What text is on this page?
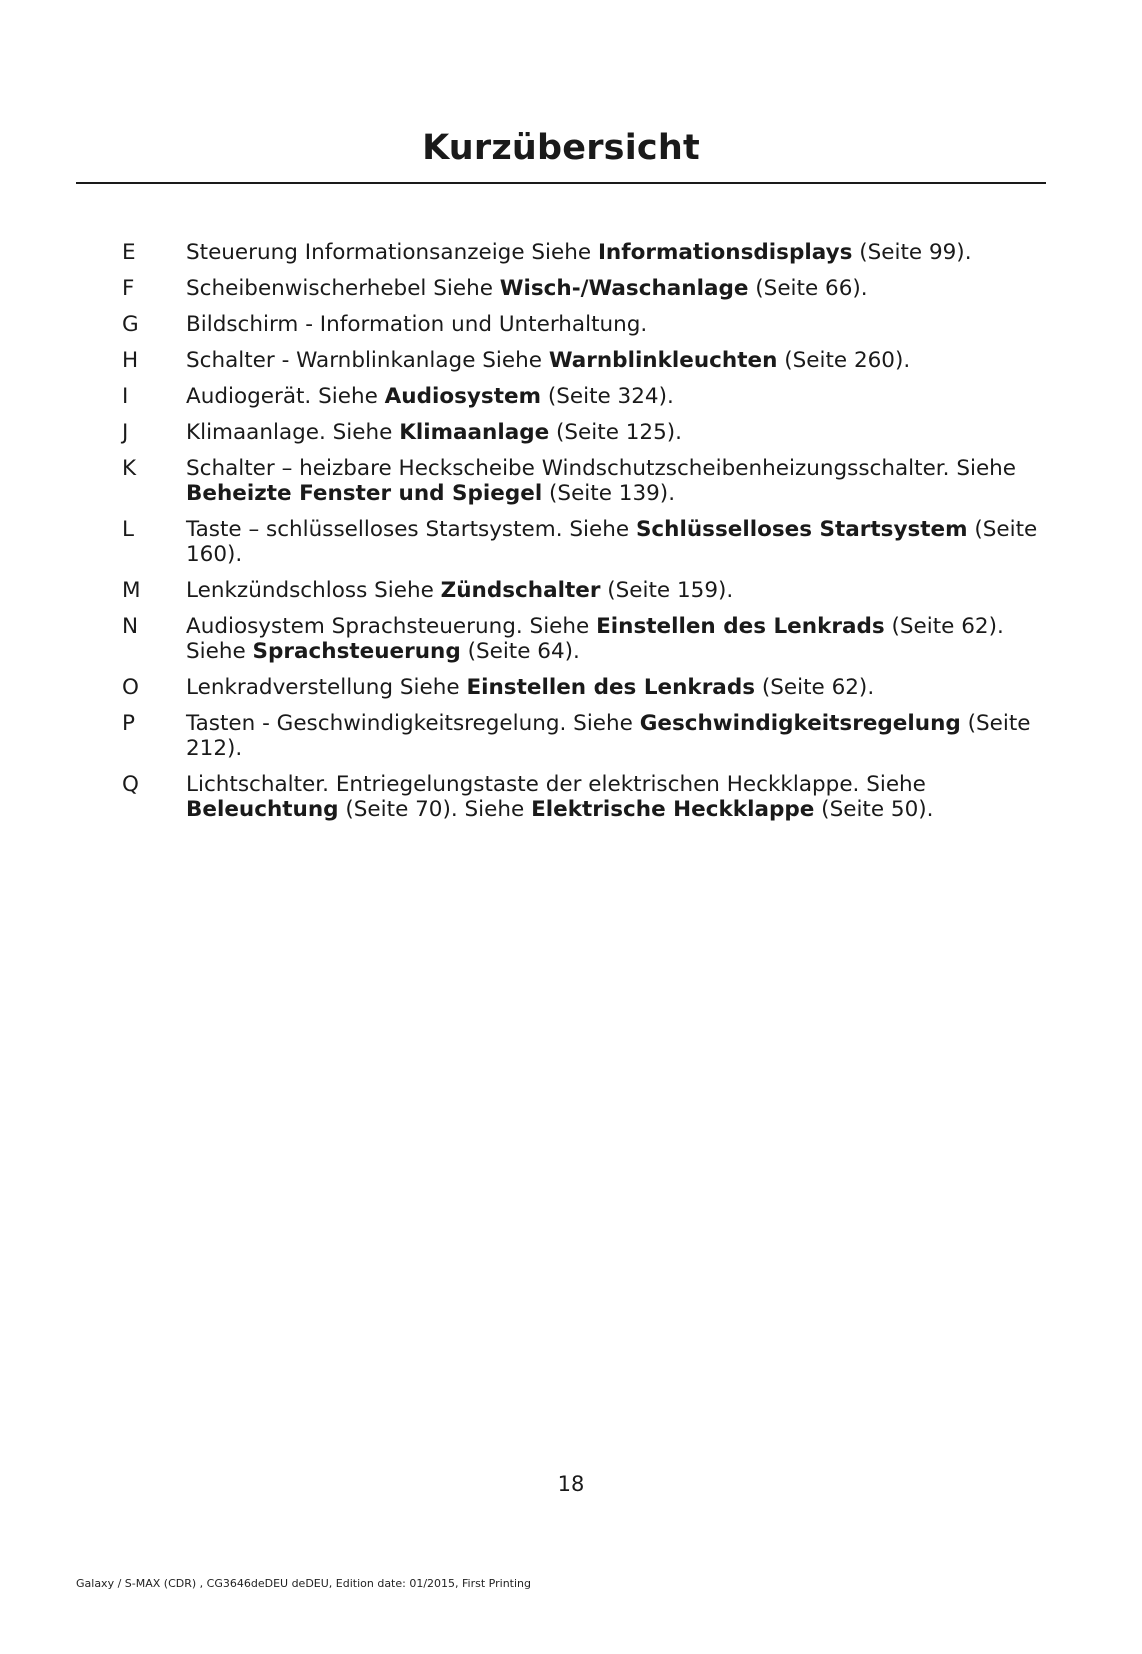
Kurzübersicht
E	Steuerung Informationsanzeige Siehe Informationsdisplays (Seite 99).
F	Scheibenwischerhebel Siehe Wisch-/Waschanlage (Seite 66).
G	Bildschirm - Information und Unterhaltung.
H	Schalter - Warnblinkanlage Siehe Warnblinkleuchten (Seite 260).
I	Audiogerät. Siehe Audiosystem (Seite 324).
J	Klimaanlage. Siehe Klimaanlage (Seite 125).
K	Schalter – heizbare Heckscheibe Windschutzscheibenheizungsschalter. Siehe Beheizte Fenster und Spiegel (Seite 139).
L	Taste – schlüsselloses Startsystem. Siehe Schlüsselloses Startsystem (Seite 160).
M	Lenkzündschloss Siehe Zündschalter (Seite 159).
N	Audiosystem Sprachsteuerung. Siehe Einstellen des Lenkrads (Seite 62). Siehe Sprachsteuerung (Seite 64).
O	Lenkradverstellung Siehe Einstellen des Lenkrads (Seite 62).
P	Tasten - Geschwindigkeitsregelung. Siehe Geschwindigkeitsregelung (Seite 212).
Q	Lichtschalter. Entriegelungstaste der elektrischen Heckklappe. Siehe Beleuchtung (Seite 70). Siehe Elektrische Heckklappe (Seite 50).
18
Galaxy / S-MAX (CDR) , CG3646deDEU deDEU, Edition date: 01/2015, First Printing
